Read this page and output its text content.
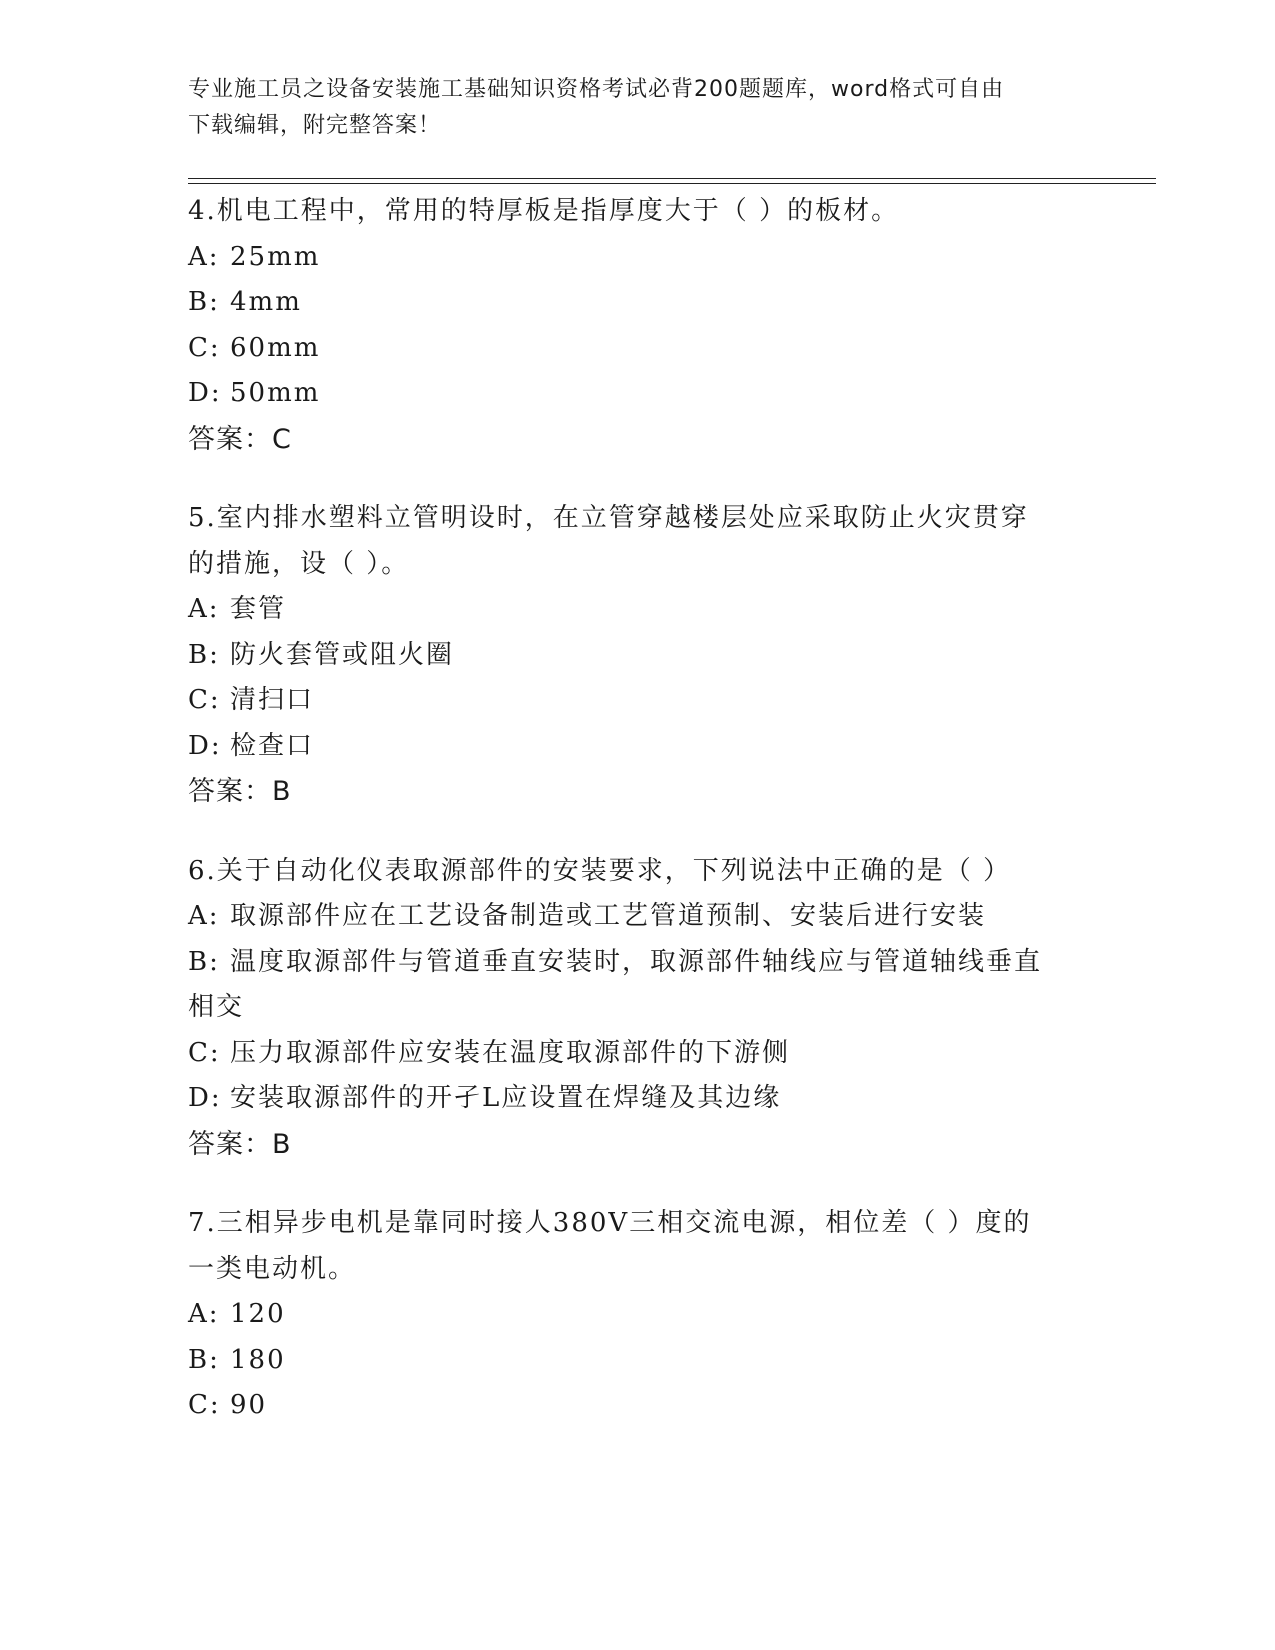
专业施工员之设备安装施工基础知识资格考试必背200题题库，word格式可自由
下载编辑，附完整答案！
4.机电工程中，常用的特厚板是指厚度大于（ ）的板材。
A: 25mm
B: 4mm
C: 60mm
D: 50mm
答案：C
5.室内排水塑料立管明设时，在立管穿越楼层处应采取防止火灾贯穿
的措施，设（ ）。
A: 套管
B: 防火套管或阻火圈
C: 清扫口
D: 检查口
答案：B
6.关于自动化仪表取源部件的安装要求，下列说法中正确的是（ ）
A: 取源部件应在工艺设备制造或工艺管道预制、安装后进行安装
B: 温度取源部件与管道垂直安装时，取源部件轴线应与管道轴线垂直
相交
C: 压力取源部件应安装在温度取源部件的下游侧
D: 安装取源部件的开孑L应设置在焊缝及其边缘
答案：B
7.三相异步电机是靠同时接人380V三相交流电源，相位差（ ）度的
一类电动机。
A: 120
B: 180
C: 90
